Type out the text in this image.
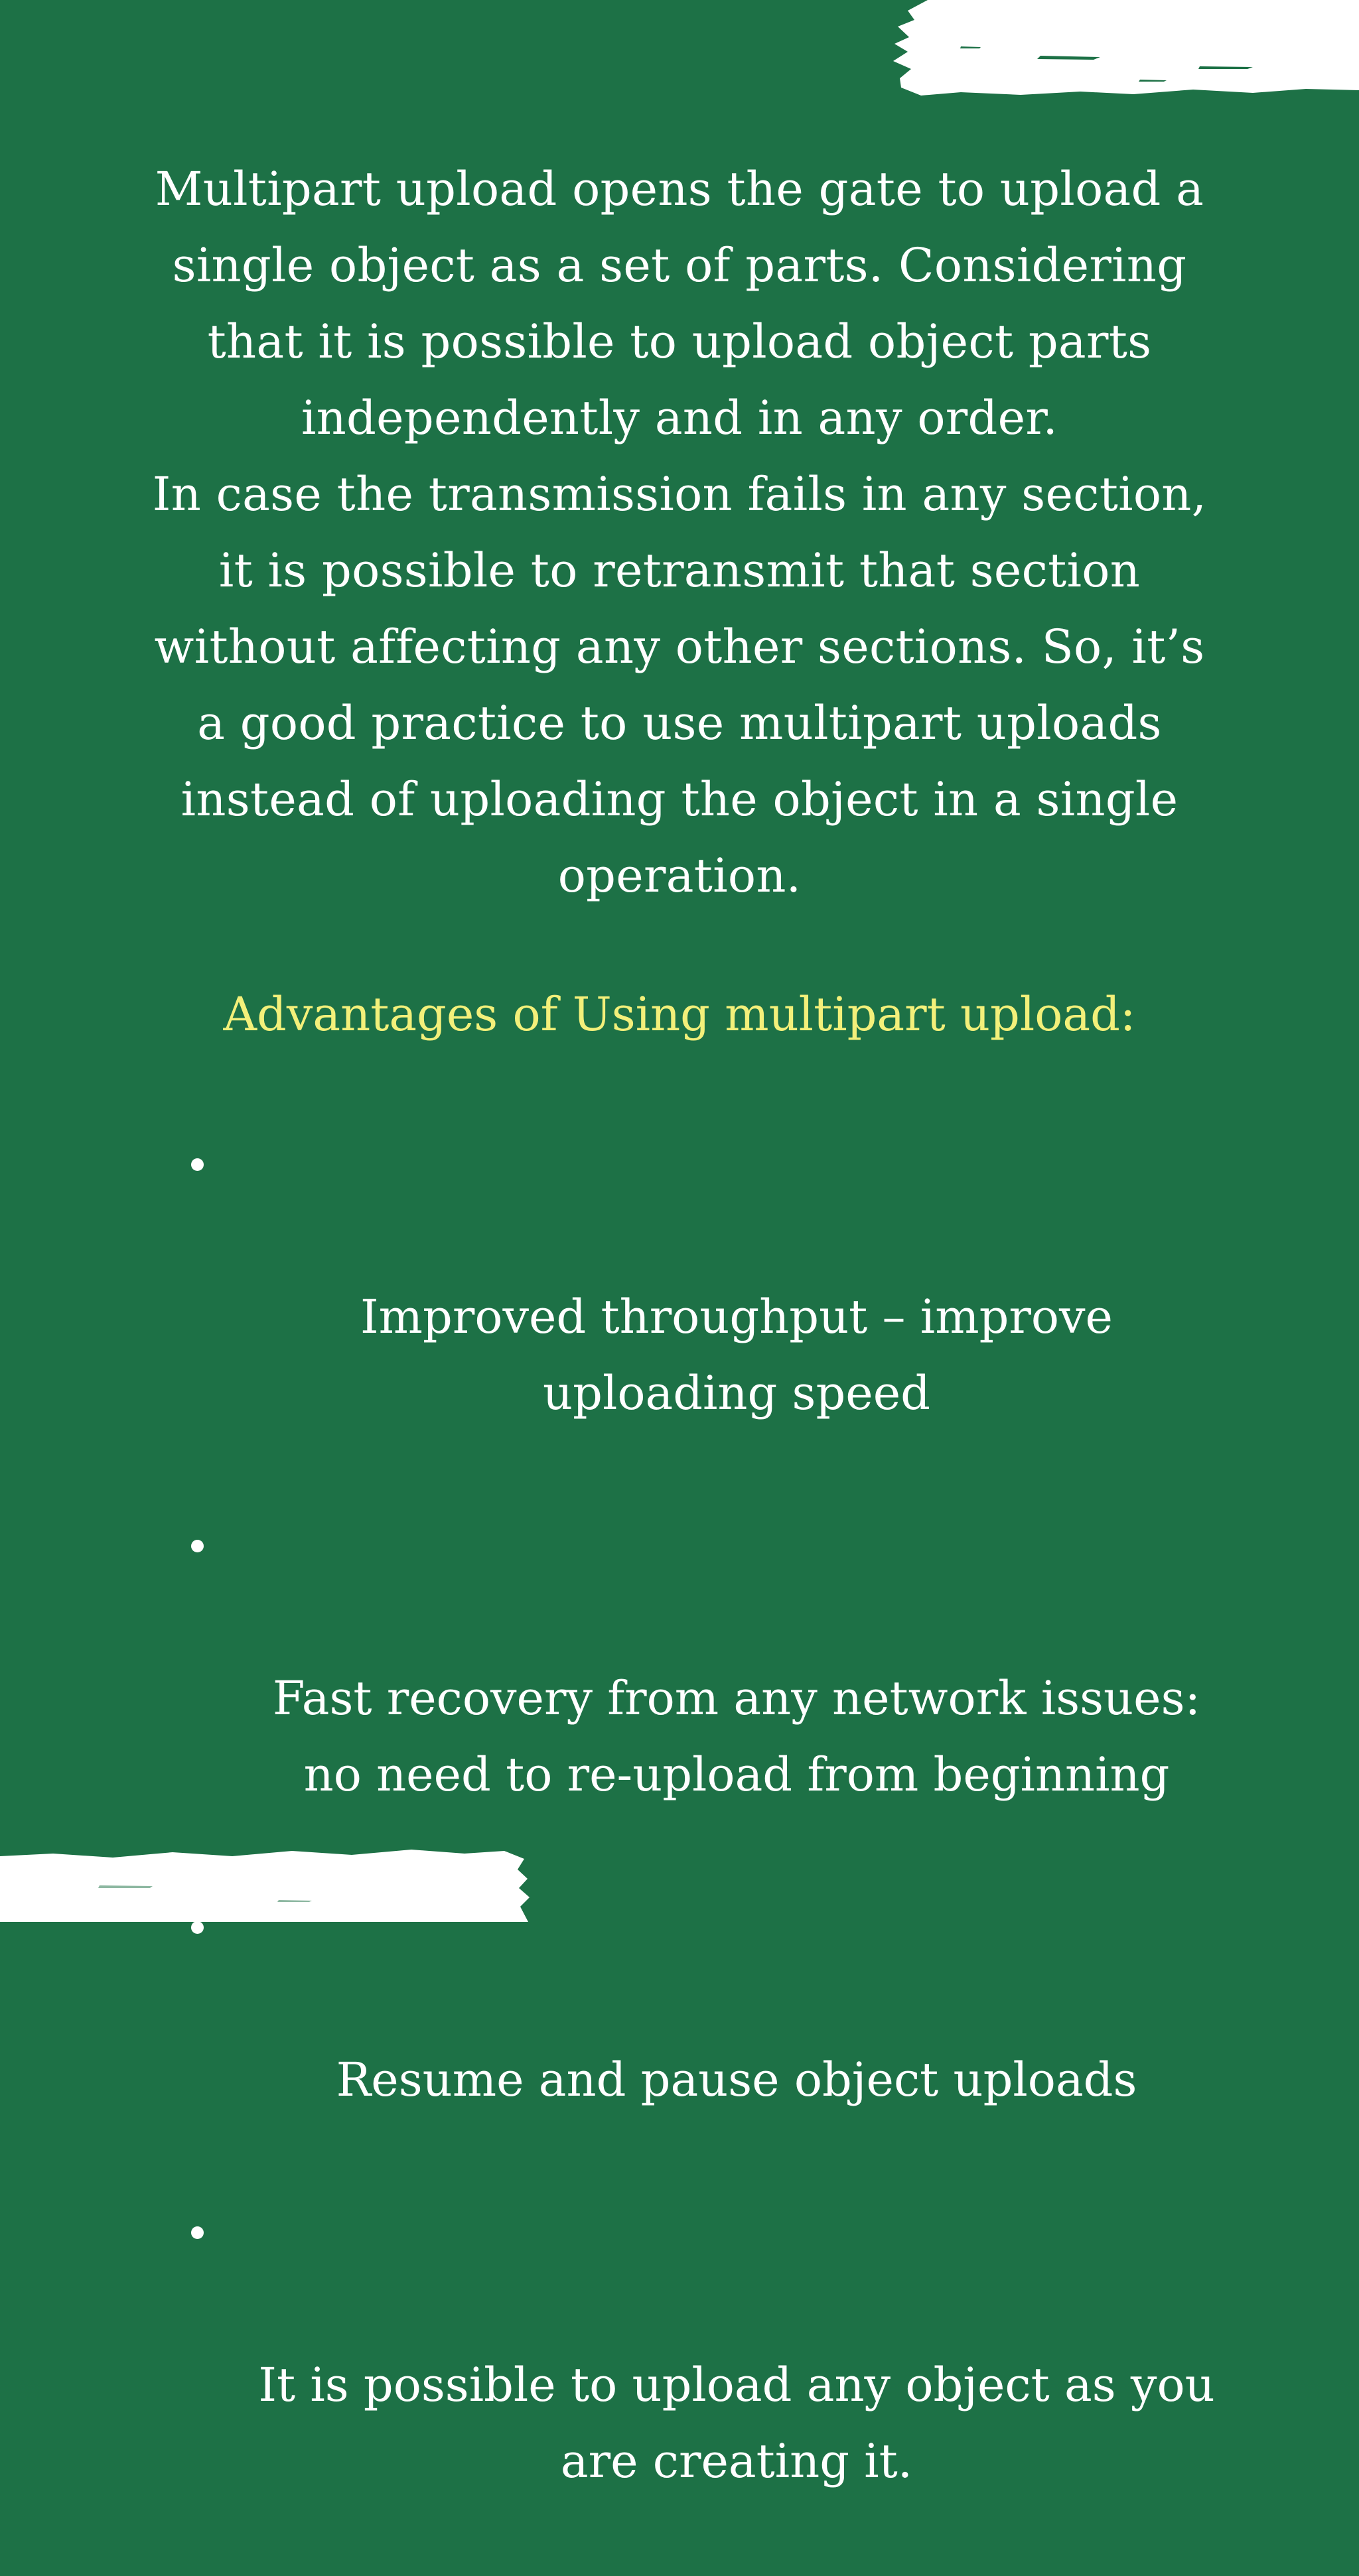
Multipart upload opens the gate to upload a
single object as a set of parts. Considering
that it is possible to upload object parts
independently and in any order.
In case the transmission fails in any section,
it is possible to retransmit that section
without affecting any other sections. So, it’s
a good practice to use multipart uploads
instead of uploading the object in a single
operation.

Advantages of Using multipart upload:

Improved throughput – improve
uploading speed

Fast recovery from any network issues:
no need to re-upload from beginning

Resume and pause object uploads

It is possible to upload any object as you
are creating it.
